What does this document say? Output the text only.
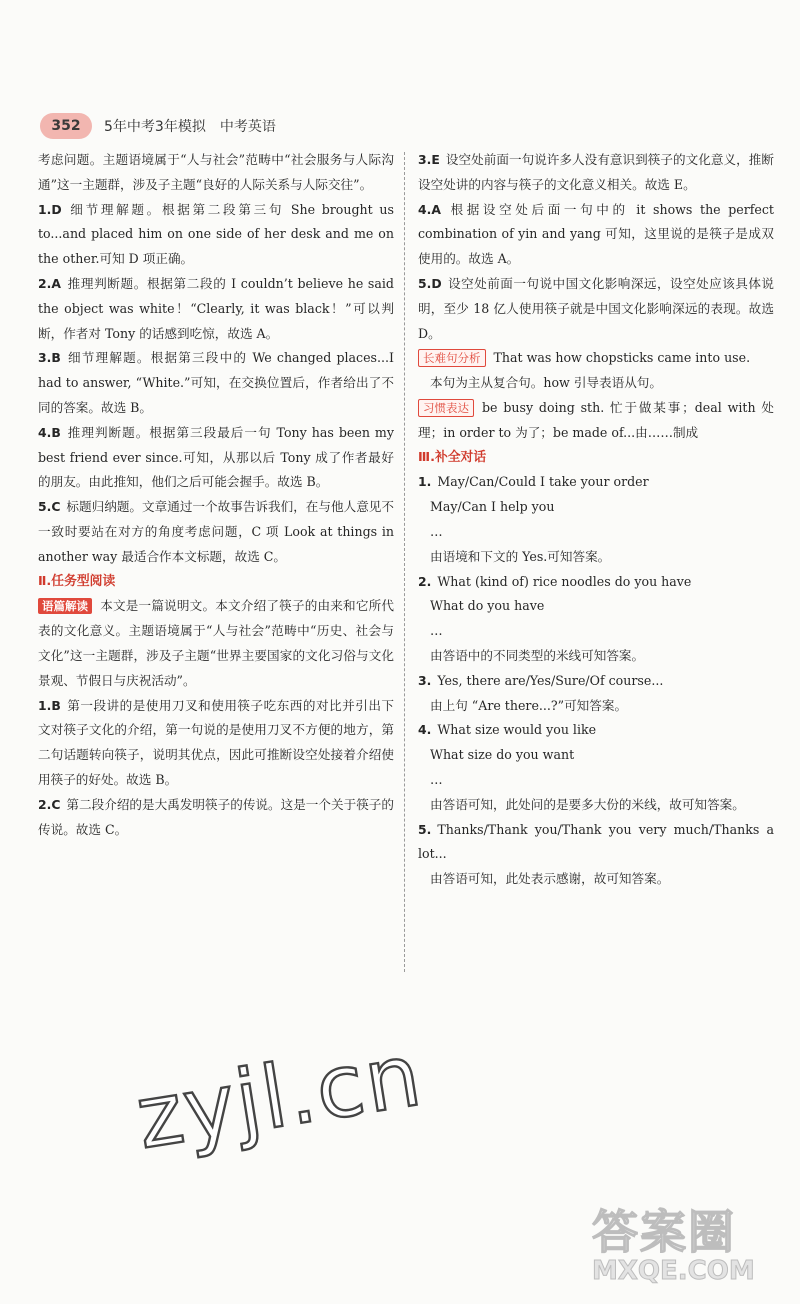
352	5年中考3年模拟 中考英语

考虑问题。主题语境属于“人与社会”范畴中“社会服务与人际沟通”这一主题群，涉及子主题“良好的人际关系与人际交往”。

1.D 细节理解题。根据第二段第三句 She brought us to...and placed him on one side of her desk and me on the other.可知 D 项正确。

2.A 推理判断题。根据第二段的 I couldn’t believe he said the object was white！“Clearly, it was black！”可以判断，作者对 Tony 的话感到吃惊，故选 A。

3.B 细节理解题。根据第三段中的 We changed places...I had to answer, “White.”可知，在交换位置后，作者给出了不同的答案。故选 B。

4.B 推理判断题。根据第三段最后一句 Tony has been my best friend ever since.可知，从那以后 Tony 成了作者最好的朋友。由此推知，他们之后可能会握手。故选 B。

5.C 标题归纳题。文章通过一个故事告诉我们，在与他人意见不一致时要站在对方的角度考虑问题，C 项 Look at things in another way 最适合作本文标题，故选 C。

Ⅱ.任务型阅读

语篇解读 本文是一篇说明文。本文介绍了筷子的由来和它所代表的文化意义。主题语境属于“人与社会”范畴中“历史、社会与文化”这一主题群，涉及子主题“世界主要国家的文化习俗与文化景观、节假日与庆祝活动”。

1.B 第一段讲的是使用刀叉和使用筷子吃东西的对比并引出下文对筷子文化的介绍，第一句说的是使用刀叉不方便的地方，第二句话题转向筷子，说明其优点，因此可推断设空处接着介绍使用筷子的好处。故选 B。

2.C 第二段介绍的是大禹发明筷子的传说。这是一个关于筷子的传说。故选 C。

3.E 设空处前面一句说许多人没有意识到筷子的文化意义，推断设空处讲的内容与筷子的文化意义相关。故选 E。

4.A 根据设空处后面一句中的 it shows the perfect combination of yin and yang 可知，这里说的是筷子是成双使用的。故选 A。

5.D 设空处前面一句说中国文化影响深远，设空处应该具体说明，至少 18 亿人使用筷子就是中国文化影响深远的表现。故选 D。

长难句分析 That was how chopsticks came into use.

本句为主从复合句。how 引导表语从句。

习惯表达 be busy doing sth. 忙于做某事；deal with 处理；in order to 为了；be made of...由……制成

Ⅲ.补全对话

1. May/Can/Could I take your order

May/Can I help you

…

由语境和下文的 Yes.可知答案。

2. What (kind of) rice noodles do you have

What do you have

…

由答语中的不同类型的米线可知答案。

3. Yes, there are/Yes/Sure/Of course...

由上句 “Are there...?”可知答案。

4. What size would you like

What size do you want

…

由答语可知，此处问的是要多大份的米线，故可知答案。

5. Thanks/Thank you/Thank you very much/Thanks a lot...

由答语可知，此处表示感谢，故可知答案。

zyjl.cn
答案圈
MXQE.COM
